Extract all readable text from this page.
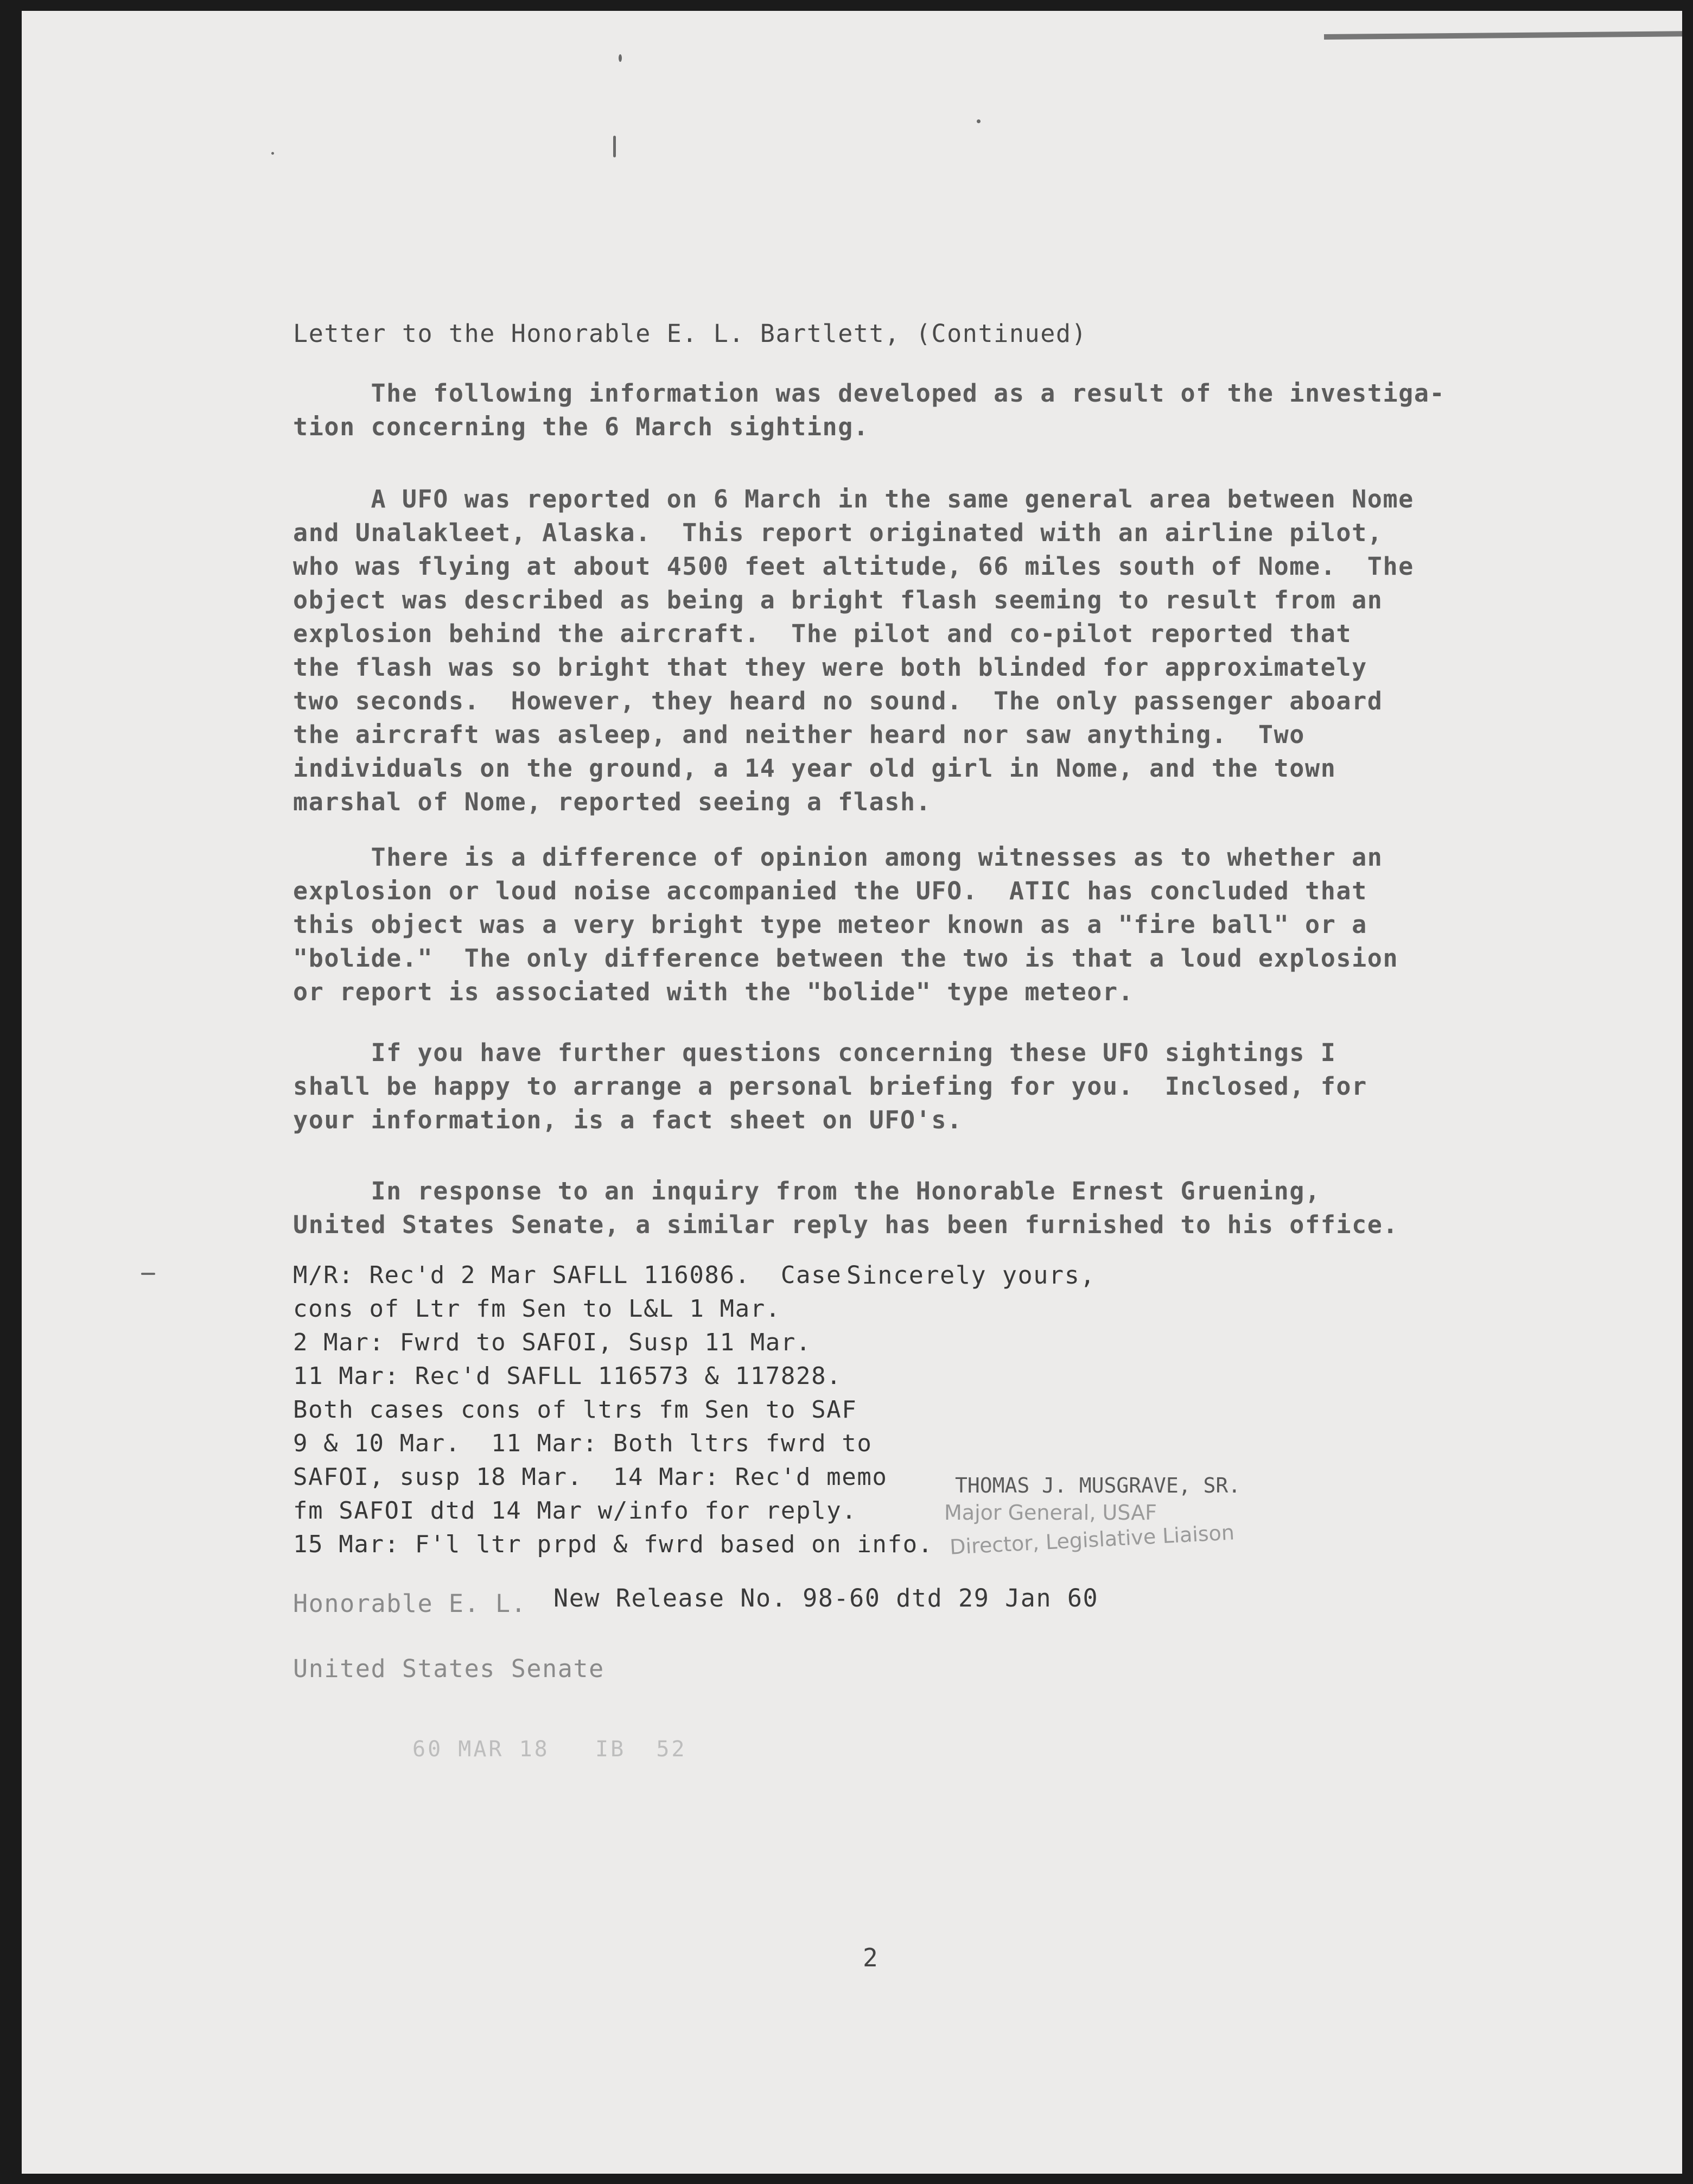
Letter to the Honorable E. L. Bartlett, (Continued)
The following information was developed as a result of the investiga-
tion concerning the 6 March sighting.
A UFO was reported on 6 March in the same general area between Nome
and Unalakleet, Alaska.  This report originated with an airline pilot,
who was flying at about 4500 feet altitude, 66 miles south of Nome.  The
object was described as being a bright flash seeming to result from an
explosion behind the aircraft.  The pilot and co-pilot reported that
the flash was so bright that they were both blinded for approximately
two seconds.  However, they heard no sound.  The only passenger aboard
the aircraft was asleep, and neither heard nor saw anything.  Two
individuals on the ground, a 14 year old girl in Nome, and the town
marshal of Nome, reported seeing a flash.
There is a difference of opinion among witnesses as to whether an
explosion or loud noise accompanied the UFO.  ATIC has concluded that
this object was a very bright type meteor known as a "fire ball" or a
"bolide."  The only difference between the two is that a loud explosion
or report is associated with the "bolide" type meteor.
If you have further questions concerning these UFO sightings I
shall be happy to arrange a personal briefing for you.  Inclosed, for
your information, is a fact sheet on UFO's.
In response to an inquiry from the Honorable Ernest Gruening,
United States Senate, a similar reply has been furnished to his office.
M/R: Rec'd 2 Mar SAFLL 116086.  Case
cons of Ltr fm Sen to L&L 1 Mar.
2 Mar: Fwrd to SAFOI, Susp 11 Mar.
11 Mar: Rec'd SAFLL 116573 & 117828.
Both cases cons of ltrs fm Sen to SAF
9 & 10 Mar.  11 Mar: Both ltrs fwrd to
SAFOI, susp 18 Mar.  14 Mar: Rec'd memo
fm SAFOI dtd 14 Mar w/info for reply.
15 Mar: F'l ltr prpd & fwrd based on info.
Sincerely yours,
THOMAS J. MUSGRAVE, SR.
Major General, USAF
Director, Legislative Liaison
Honorable E. L. New Release No. 98-60 dtd 29 Jan 60
United States Senate
60 MAR 18   IB  52
2
